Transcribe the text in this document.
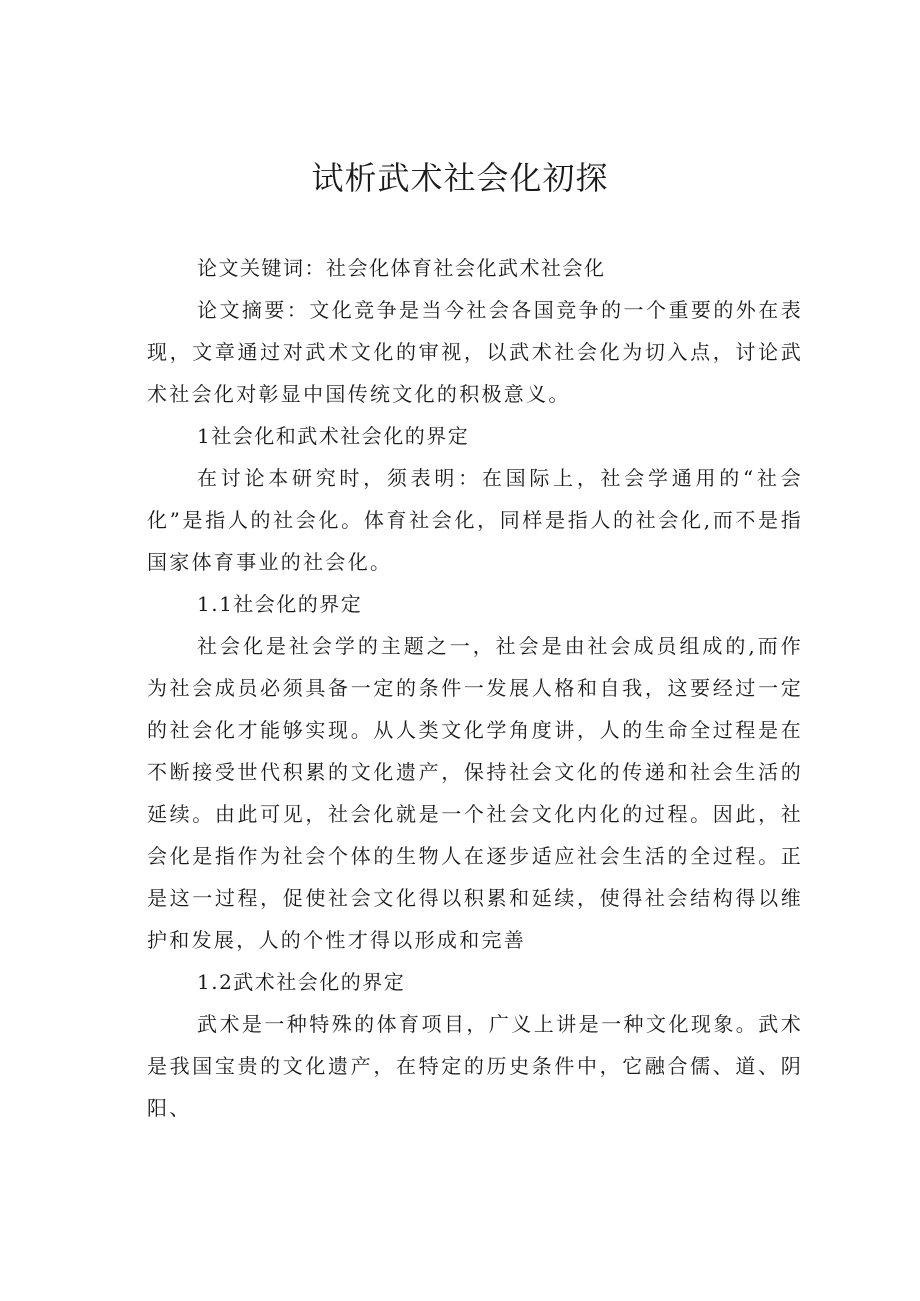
试析武术社会化初探

论文关键词：社会化体育社会化武术社会化

论文摘要：文化竞争是当今社会各国竞争的一个重要的外在表现，文章通过对武术文化的审视，以武术社会化为切入点，讨论武术社会化对彰显中国传统文化的积极意义。

1社会化和武术社会化的界定

在讨论本研究时，须表明：在国际上，社会学通用的“社会化”是指人的社会化。体育社会化，同样是指人的社会化,而不是指国家体育事业的社会化。

1.1社会化的界定

社会化是社会学的主题之一，社会是由社会成员组成的,而作为社会成员必须具备一定的条件一发展人格和自我，这要经过一定的社会化才能够实现。从人类文化学角度讲，人的生命全过程是在不断接受世代积累的文化遗产，保持社会文化的传递和社会生活的延续。由此可见，社会化就是一个社会文化内化的过程。因此，社会化是指作为社会个体的生物人在逐步适应社会生活的全过程。正是这一过程，促使社会文化得以积累和延续，使得社会结构得以维护和发展，人的个性才得以形成和完善

1.2武术社会化的界定

武术是一种特殊的体育项目，广义上讲是一种文化现象。武术是我国宝贵的文化遗产，在特定的历史条件中，它融合儒、道、阴阳、
